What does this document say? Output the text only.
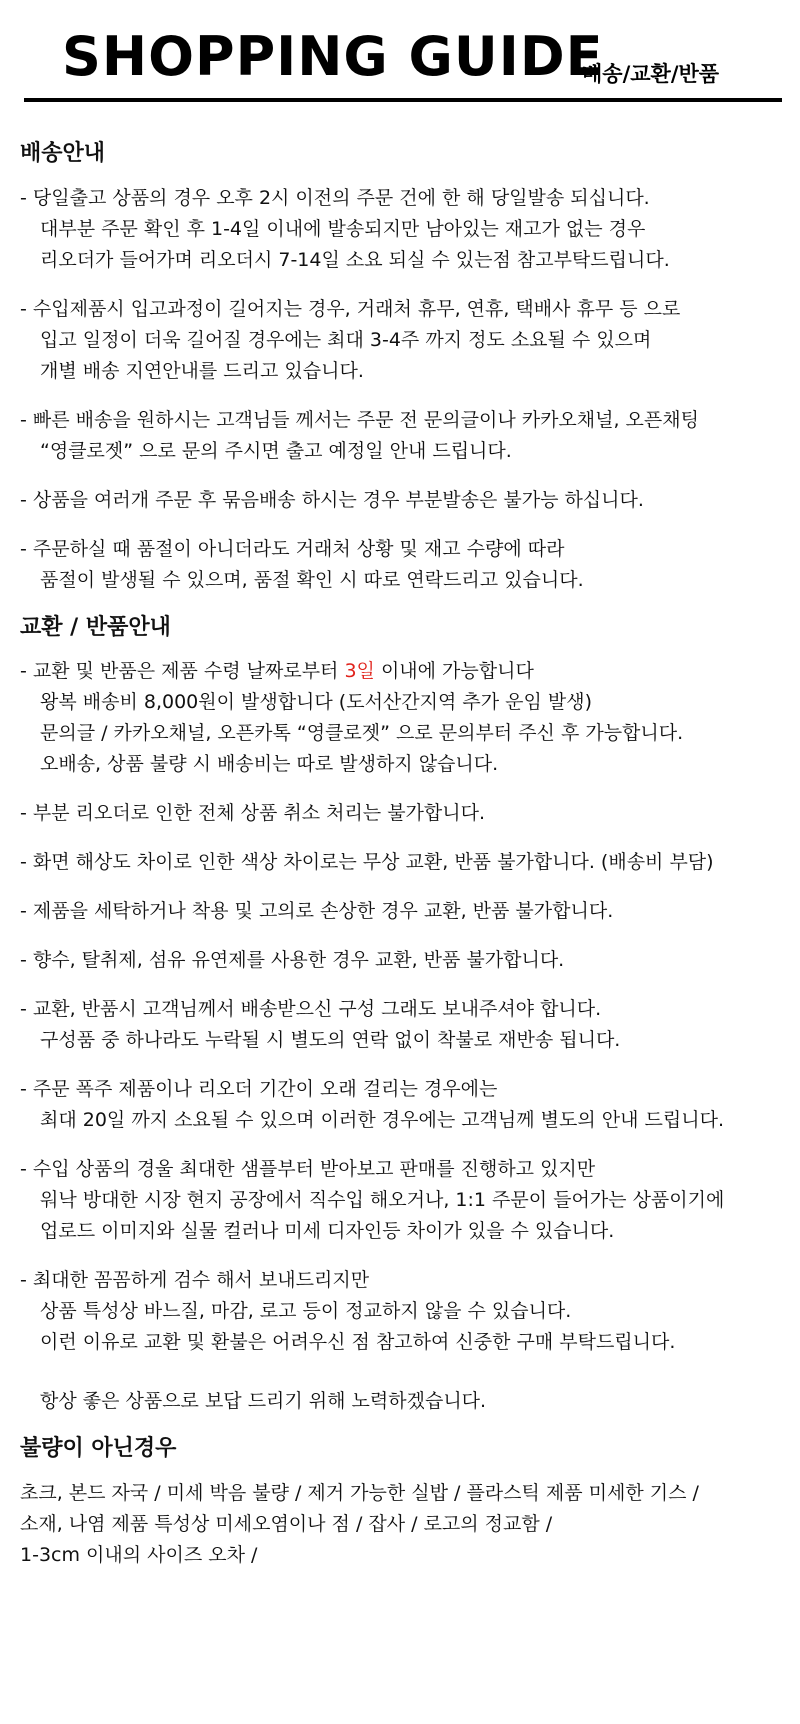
SHOPPING GUIDE
배송/교환/반품
배송안내
- 당일출고 상품의 경우 오후 2시 이전의 주문 건에 한 해 당일발송 되십니다.
대부분 주문 확인 후 1-4일 이내에 발송되지만 남아있는 재고가 없는 경우
리오더가 들어가며 리오더시 7-14일 소요 되실 수 있는점 참고부탁드립니다.
- 수입제품시 입고과정이 길어지는 경우, 거래처 휴무, 연휴, 택배사 휴무 등 으로
입고 일정이 더욱 길어질 경우에는 최대 3-4주 까지 정도 소요될 수 있으며
개별 배송 지연안내를 드리고 있습니다.
- 빠른 배송을 원하시는 고객님들 께서는 주문 전 문의글이나 카카오채널, 오픈채팅
“영클로젯” 으로 문의 주시면 출고 예정일 안내 드립니다.
- 상품을 여러개 주문 후 묶음배송 하시는 경우 부분발송은 불가능 하십니다.
- 주문하실 때 품절이 아니더라도 거래처 상황 및 재고 수량에 따라
품절이 발생될 수 있으며, 품절 확인 시 따로 연락드리고 있습니다.
교환 / 반품안내
- 교환 및 반품은 제품 수령 날짜로부터 3일 이내에 가능합니다
왕복 배송비 8,000원이 발생합니다 (도서산간지역 추가 운임 발생)
문의글 / 카카오채널, 오픈카톡 “영클로젯” 으로 문의부터 주신 후 가능합니다.
오배송, 상품 불량 시 배송비는 따로 발생하지 않습니다.
- 부분 리오더로 인한 전체 상품 취소 처리는 불가합니다.
- 화면 해상도 차이로 인한 색상 차이로는 무상 교환, 반품 불가합니다. (배송비 부담)
- 제품을 세탁하거나 착용 및 고의로 손상한 경우 교환, 반품 불가합니다.
- 향수, 탈취제, 섬유 유연제를 사용한 경우 교환, 반품 불가합니다.
- 교환, 반품시 고객님께서 배송받으신 구성 그래도 보내주셔야 합니다.
구성품 중 하나라도 누락될 시 별도의 연락 없이 착불로 재반송 됩니다.
- 주문 폭주 제품이나 리오더 기간이 오래 걸리는 경우에는
최대 20일 까지 소요될 수 있으며 이러한 경우에는 고객님께 별도의 안내 드립니다.
- 수입 상품의 경울 최대한 샘플부터 받아보고 판매를 진행하고 있지만
워낙 방대한 시장 현지 공장에서 직수입 해오거나, 1:1 주문이 들어가는 상품이기에
업로드 이미지와 실물 컬러나 미세 디자인등 차이가 있을 수 있습니다.
- 최대한 꼼꼼하게 검수 해서 보내드리지만
상품 특성상 바느질, 마감, 로고 등이 정교하지 않을 수 있습니다.
이런 이유로 교환 및 환불은 어려우신 점 참고하여 신중한 구매 부탁드립니다.
항상 좋은 상품으로 보답 드리기 위해 노력하겠습니다.
불량이 아닌경우
초크, 본드 자국 / 미세 박음 불량 / 제거 가능한 실밥 / 플라스틱 제품 미세한 기스 /
소재, 나염 제품 특성상 미세오염이나 점 / 잡사 / 로고의 정교함 /
1-3cm 이내의 사이즈 오차 /
